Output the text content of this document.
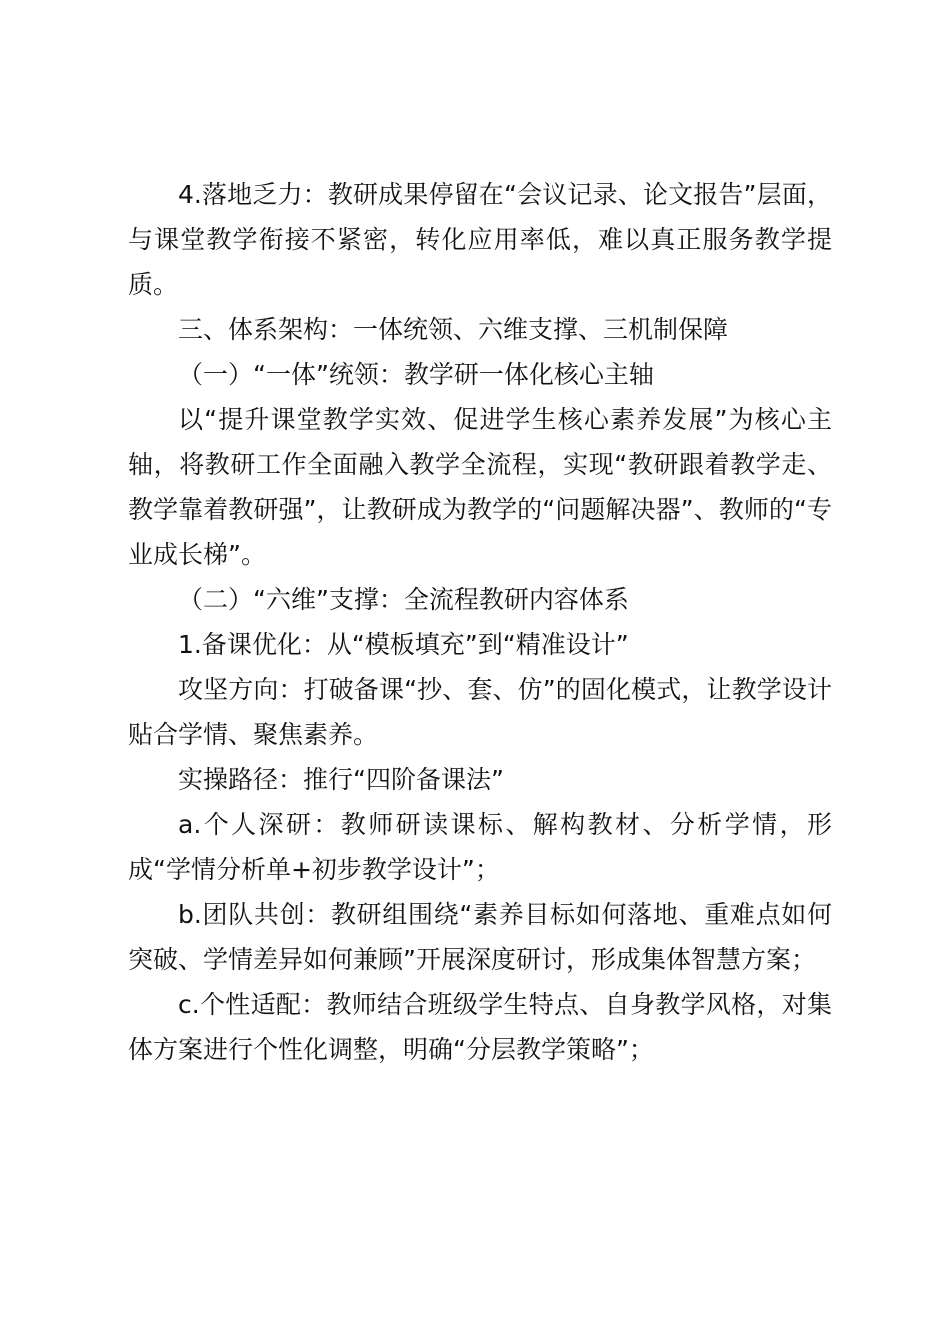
4.落地乏力：教研成果停留在“会议记录、论文报告”层面，与课堂教学衔接不紧密，转化应用率低，难以真正服务教学提质。

三、体系架构：一体统领、六维支撑、三机制保障

（一）“一体”统领：教学研一体化核心主轴

以“提升课堂教学实效、促进学生核心素养发展”为核心主轴，将教研工作全面融入教学全流程，实现“教研跟着教学走、教学靠着教研强”，让教研成为教学的“问题解决器”、教师的“专业成长梯”。

（二）“六维”支撑：全流程教研内容体系

1.备课优化：从“模板填充”到“精准设计”

攻坚方向：打破备课“抄、套、仿”的固化模式，让教学设计贴合学情、聚焦素养。

实操路径：推行“四阶备课法”

a.个人深研：教师研读课标、解构教材、分析学情，形成“学情分析单+初步教学设计”；

b.团队共创：教研组围绕“素养目标如何落地、重难点如何突破、学情差异如何兼顾”开展深度研讨，形成集体智慧方案；

c.个性适配：教师结合班级学生特点、自身教学风格，对集体方案进行个性化调整，明确“分层教学策略”；
